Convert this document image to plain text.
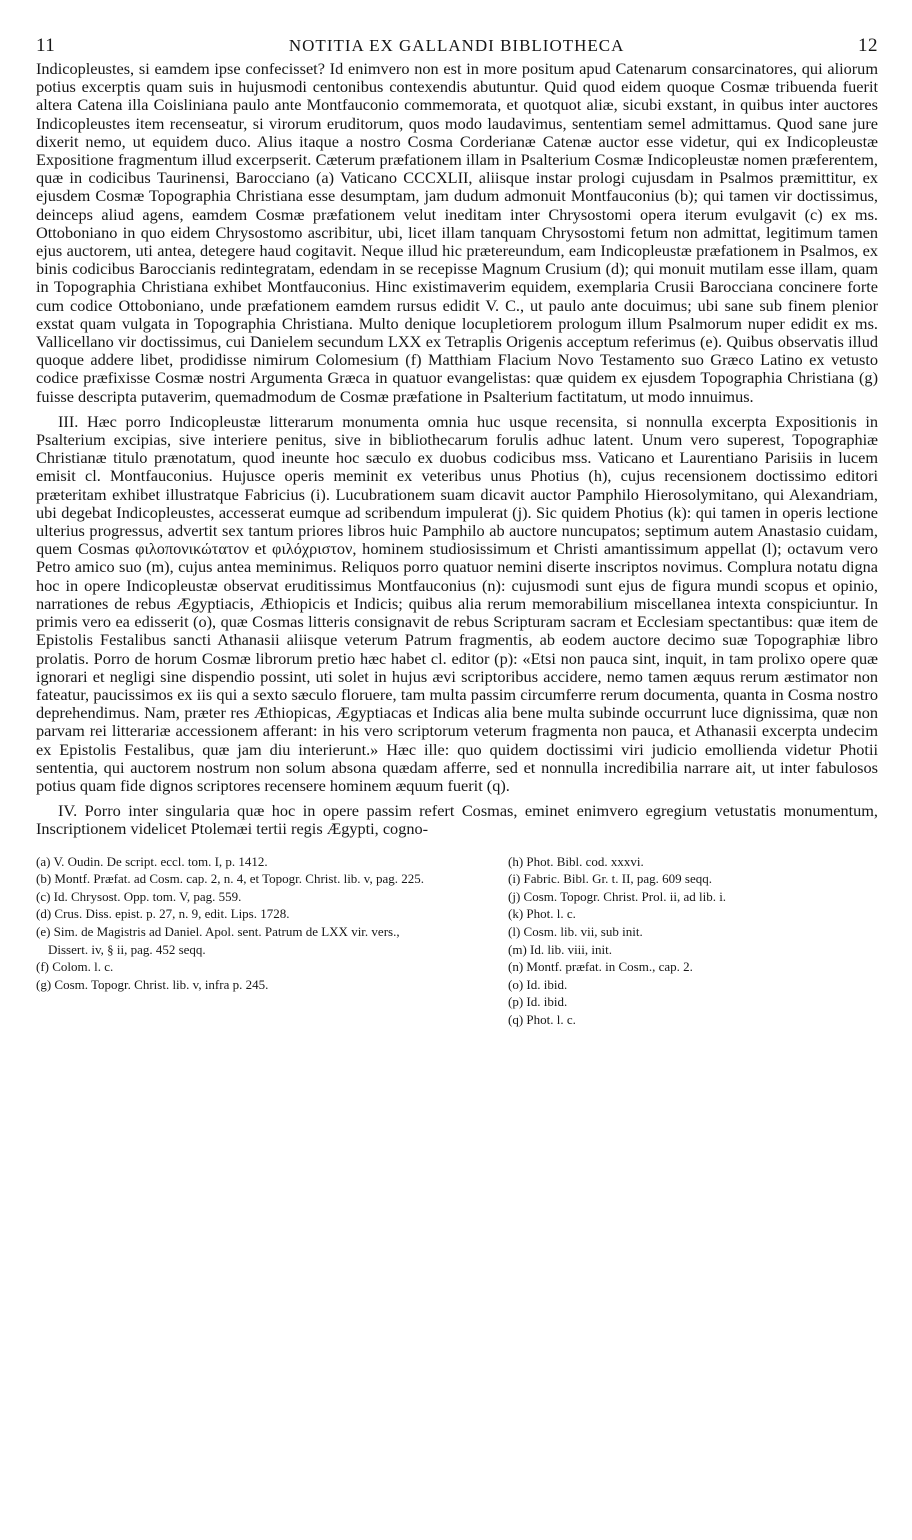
11	NOTITIA EX GALLANDI BIBLIOTHECA	12

Indicopleustes, si eamdem ipse confecisset? Id enimvero non est in more positum apud Catenarum consarcinatores, qui aliorum potius excerptis quam suis in hujusmodi centonibus contexendis abutuntur. Quid quod eidem quoque Cosmæ tribuenda fuerit altera Catena illa Coisliniana paulo ante Montfauconio commemorata, et quotquot aliæ, sicubi exstant, in quibus inter auctores Indicopleustes item recenseatur, si virorum eruditorum, quos modo laudavimus, sententiam semel admittamus. Quod sane jure dixerit nemo, ut equidem duco. Alius itaque a nostro Cosma Corderianæ Catenæ auctor esse videtur, qui ex Indicopleustæ Expositione fragmentum illud excerpserit. Cæterum præfationem illam in Psalterium Cosmæ Indicopleustæ nomen præferentem, quæ in codicibus Taurinensi, Barocciano (a) Vaticano CCCXLII, aliisque instar prologi cujusdam in Psalmos præmittitur, ex ejusdem Cosmæ Topographia Christiana esse desumptam, jam dudum admonuit Montfauconius (b); qui tamen vir doctissimus, deinceps aliud agens, eamdem Cosmæ præfationem velut ineditam inter Chrysostomi opera iterum evulgavit (c) ex ms. Ottoboniano in quo eidem Chrysostomo ascribitur, ubi, licet illam tanquam Chrysostomi fetum non admittat, legitimum tamen ejus auctorem, uti antea, detegere haud cogitavit. Neque illud hic prætereundum, eam Indicopleustæ præfationem in Psalmos, ex binis codicibus Baroccianis redintegratam, edendam in se recepisse Magnum Crusium (d); qui monuit mutilam esse illam, quam in Topographia Christiana exhibet Montfauconius. Hinc existimaverim equidem, exemplaria Crusii Barocciana concinere forte cum codice Ottoboniano, unde præfationem eamdem rursus edidit V. C., ut paulo ante docuimus; ubi sane sub finem plenior exstat quam vulgata in Topographia Christiana. Multo denique locupletiorem prologum illum Psalmorum nuper edidit ex ms. Vallicellano vir doctissimus, cui Danielem secundum LXX ex Tetraplis Origenis acceptum referimus (e). Quibus observatis illud quoque addere libet, prodidisse nimirum Colomesium (f) Matthiam Flacium Novo Testamento suo Græco Latino ex vetusto codice præfixisse Cosmæ nostri Argumenta Græca in quatuor evangelistas: quæ quidem ex ejusdem Topographia Christiana (g) fuisse descripta putaverim, quemadmodum de Cosmæ præfatione in Psalterium factitatum, ut modo innuimus.

III. Hæc porro Indicopleustæ litterarum monumenta omnia huc usque recensita, si nonnulla excerpta Expositionis in Psalterium excipias, sive interiere penitus, sive in bibliothecarum forulis adhuc latent. Unum vero superest, Topographiæ Christianæ titulo prænotatum, quod ineunte hoc sæculo ex duobus codicibus mss. Vaticano et Laurentiano Parisiis in lucem emisit cl. Montfauconius. Hujusce operis meminit ex veteribus unus Photius (h), cujus recensionem doctissimo editori præteritam exhibet illustratque Fabricius (i). Lucubrationem suam dicavit auctor Pamphilo Hierosolymitano, qui Alexandriam, ubi degebat Indicopleustes, accesserat eumque ad scribendum impulerat (j). Sic quidem Photius (k): qui tamen in operis lectione ulterius progressus, advertit sex tantum priores libros huic Pamphilo ab auctore nuncupatos; septimum autem Anastasio cuidam, quem Cosmas φιλοπονικώτατον et φιλόχριστον, hominem studiosissimum et Christi amantissimum appellat (l); octavum vero Petro amico suo (m), cujus antea meminimus. Reliquos porro quatuor nemini diserte inscriptos novimus. Complura notatu digna hoc in opere Indicopleustæ observat eruditissimus Montfauconius (n): cujusmodi sunt ejus de figura mundi scopus et opinio, narrationes de rebus Ægyptiacis, Æthiopicis et Indicis; quibus alia rerum memorabilium miscellanea intexta conspiciuntur. In primis vero ea edisserit (o), quæ Cosmas litteris consignavit de rebus Scripturam sacram et Ecclesiam spectantibus: quæ item de Epistolis Festalibus sancti Athanasii aliisque veterum Patrum fragmentis, ab eodem auctore decimo suæ Topographiæ libro prolatis. Porro de horum Cosmæ librorum pretio hæc habet cl. editor (p): «Etsi non pauca sint, inquit, in tam prolixo opere quæ ignorari et negligi sine dispendio possint, uti solet in hujus ævi scriptoribus accidere, nemo tamen æquus rerum æstimator non fateatur, paucissimos ex iis qui a sexto sæculo floruere, tam multa passim circumferre rerum documenta, quanta in Cosma nostro deprehendimus. Nam, præter res Æthiopicas, Ægyptiacas et Indicas alia bene multa subinde occurrunt luce dignissima, quæ non parvam rei litterariæ accessionem afferant: in his vero scriptorum veterum fragmenta non pauca, et Athanasii excerpta undecim ex Epistolis Festalibus, quæ jam diu interierunt.» Hæc ille: quo quidem doctissimi viri judicio emolliendа videtur Photii sententia, qui auctorem nostrum non solum absona quædam afferre, sed et nonnulla incredibilia narrare ait, ut inter fabulosos potius quam fide dignos scriptores recensere hominem æquum fuerit (q).

IV. Porro inter singularia quæ hoc in opere passim refert Cosmas, eminet enimvero egregium vetustatis monumentum, Inscriptionem videlicet Ptolemæi tertii regis Ægypti, cogno-

(a) V. Oudin. De script. eccl. tom. I, p. 1412.

(b) Montf. Præfat. ad Cosm. cap. 2, n. 4, et Topogr. Christ. lib. v, pag. 225.

(c) Id. Chrysost. Opp. tom. V, pag. 559.

(d) Crus. Diss. epist. p. 27, n. 9, edit. Lips. 1728.

(e) Sim. de Magistris ad Daniel. Apol. sent. Patrum de LXX vir. vers., Dissert. iv, § ii, pag. 452 seqq.

(f) Colom. l. c.

(g) Cosm. Topogr. Christ. lib. v, infra p. 245.

(h) Phot. Bibl. cod. xxxvi.

(i) Fabric. Bibl. Gr. t. II, pag. 609 seqq.

(j) Cosm. Topogr. Christ. Prol. ii, ad lib. i.

(k) Phot. l. c.

(l) Cosm. lib. vii, sub init.

(m) Id. lib. viii, init.

(n) Montf. præfat. in Cosm., cap. 2.

(o) Id. ibid.

(p) Id. ibid.

(q) Phot. l. c.
